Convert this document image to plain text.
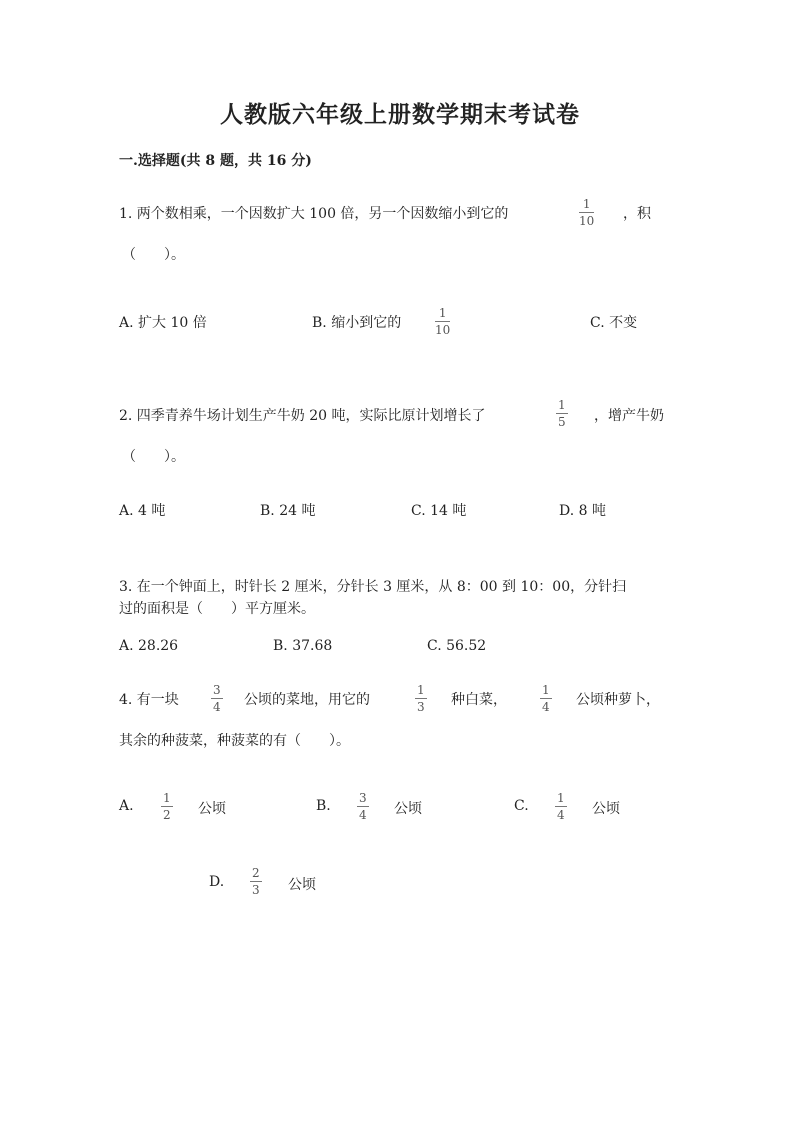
人教版六年级上册数学期末考试卷
一.选择题(共 8 题，共 16 分)
1. 两个数相乘，一个因数扩大 100 倍，另一个因数缩小到它的
1
10 ，积
（　　）。
A. 扩大 10 倍	B. 缩小到它的
1
10	C. 不变
2. 四季青养牛场计划生产牛奶 20 吨，实际比原计划增长了
1
5 ，增产牛奶
（　　）。
A. 4 吨	B. 24 吨	C. 14 吨	D. 8 吨
3. 在一个钟面上，时针长 2 厘米，分针长 3 厘米，从 8：00 到 10：00，分针扫
过的面积是（　　）平方厘米。
A. 28.26	B. 37.68	C. 56.52
4. 有一块
3
4 公顷的菜地，用它的
1
3 种白菜，
1
4 公顷种萝卜，
其余的种菠菜，种菠菜的有（　　）。
A. 1
2 公顷	B. 3
4 公顷	C. 1
4 公顷
D.
2
3 公顷
